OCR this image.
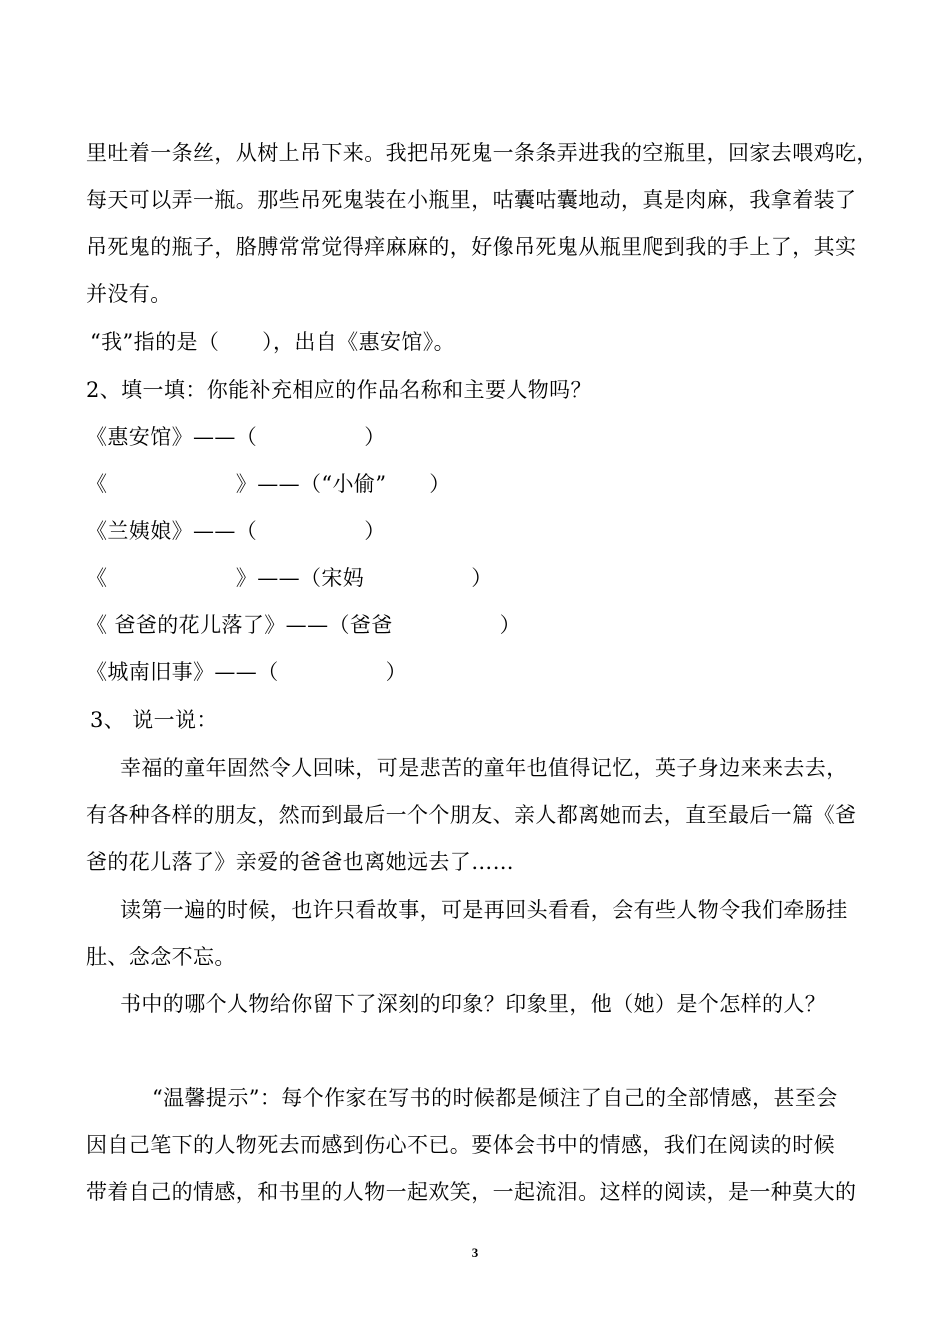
里吐着一条丝，从树上吊下来。我把吊死鬼一条条弄进我的空瓶里，回家去喂鸡吃，
每天可以弄一瓶。那些吊死鬼装在小瓶里，咕囊咕囊地动，真是肉麻，我拿着装了
吊死鬼的瓶子，胳膊常常觉得痒麻麻的，好像吊死鬼从瓶里爬到我的手上了，其实
并没有。
“我”指的是（　　），出自《惠安馆》。
2、填一填：你能补充相应的作品名称和主要人物吗？
《惠安馆》——（　　　　　）
《　　　　　　》——（“小偷”　　）
《兰姨娘》——（　　　　　）
《　　　　　　》——（宋妈　　　　　）
《 爸爸的花儿落了》——（爸爸　　　　　）
《城南旧事》——（　　　　　）
3、 说一说：
幸福的童年固然令人回味，可是悲苦的童年也值得记忆，英子身边来来去去，
有各种各样的朋友，然而到最后一个个朋友、亲人都离她而去，直至最后一篇《爸
爸的花儿落了》亲爱的爸爸也离她远去了……
读第一遍的时候，也许只看故事，可是再回头看看，会有些人物令我们牵肠挂
肚、念念不忘。
书中的哪个人物给你留下了深刻的印象？印象里，他（她）是个怎样的人？
“温馨提示”：每个作家在写书的时候都是倾注了自己的全部情感，甚至会
因自己笔下的人物死去而感到伤心不已。要体会书中的情感，我们在阅读的时候
带着自己的情感，和书里的人物一起欢笑，一起流泪。这样的阅读，是一种莫大的
3
